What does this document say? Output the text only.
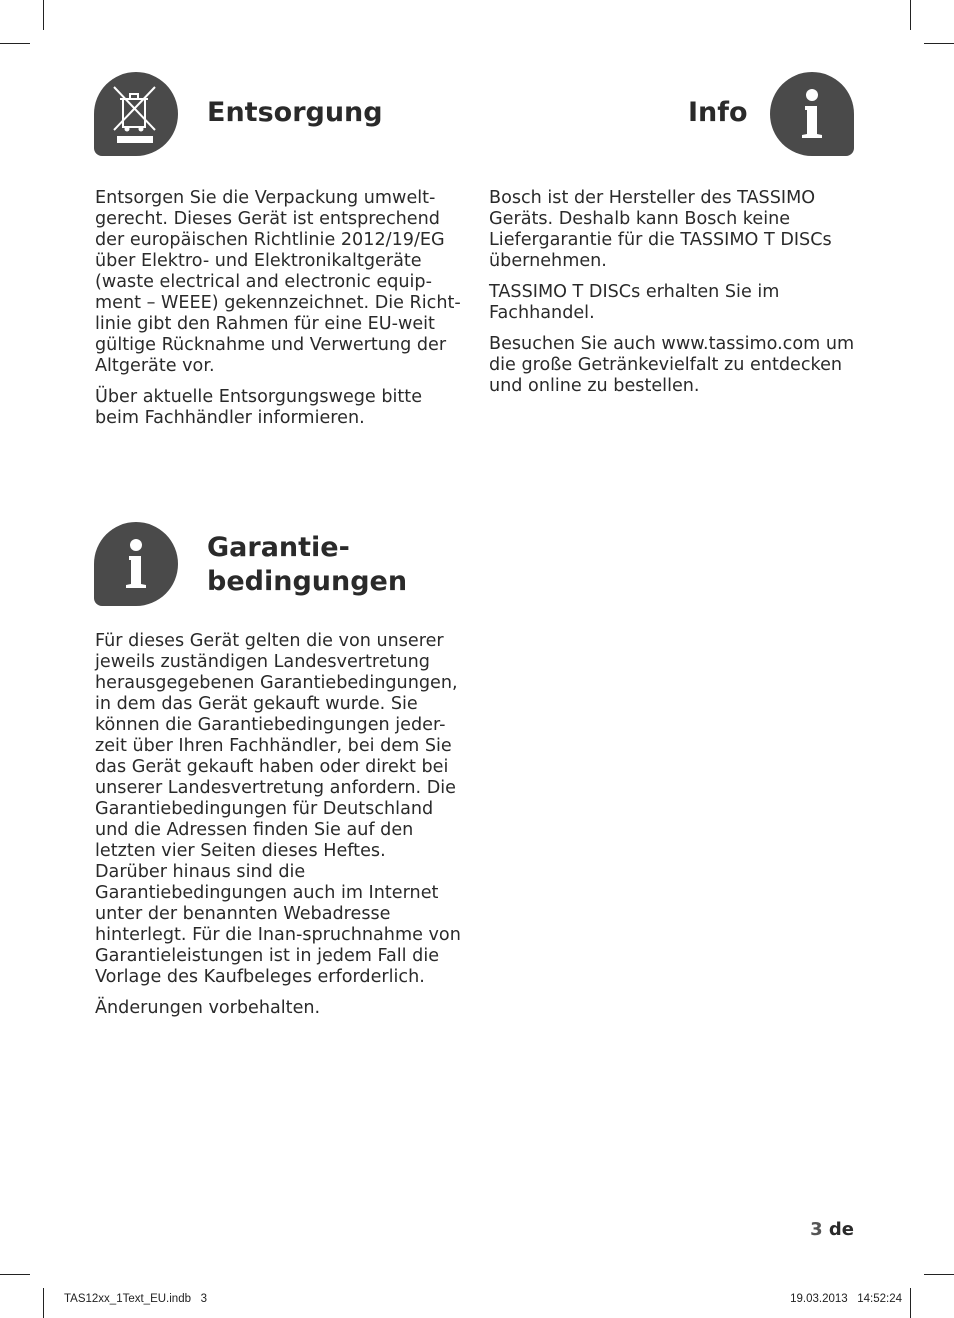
Entsorgung

Entsorgen Sie die Verpackung umwelt-gerecht. Dieses Gerät ist entsprechend der europäischen Richtlinie 2012/19/EG über Elektro- und Elektronikaltgeräte (waste electrical and electronic equip-ment – WEEE) gekennzeichnet. Die Richt-linie gibt den Rahmen für eine EU-weit gültige Rücknahme und Verwertung der Altgeräte vor.

Über aktuelle Entsorgungswege bitte beim Fachhändler informieren.

Info

Bosch ist der Hersteller des TASSIMO Geräts. Deshalb kann Bosch keine Liefergarantie für die TASSIMO T DISCs übernehmen.

TASSIMO T DISCs erhalten Sie im Fachhandel.

Besuchen Sie auch www.tassimo.com um die große Getränkevielfalt zu entdecken und online zu bestellen.

Garantie-
bedingungen

Für dieses Gerät gelten die von unserer jeweils zuständigen Landesvertretung herausgegebenen Garantiebedingungen, in dem das Gerät gekauft wurde. Sie können die Garantiebedingungen jeder-zeit über Ihren Fachhändler, bei dem Sie das Gerät gekauft haben oder direkt bei unserer Landesvertretung anfordern. Die Garantiebedingungen für Deutschland und die Adressen finden Sie auf den letzten vier Seiten dieses Heftes. Darüber hinaus sind die Garantiebedingungen auch im Internet unter der benannten Webadresse hinterlegt. Für die Inan-spruchnahme von Garantieleistungen ist in jedem Fall die Vorlage des Kaufbeleges erforderlich.

Änderungen vorbehalten.

3 de
TAS12xx_1Text_EU.indb   3	19.03.2013   14:52:24
